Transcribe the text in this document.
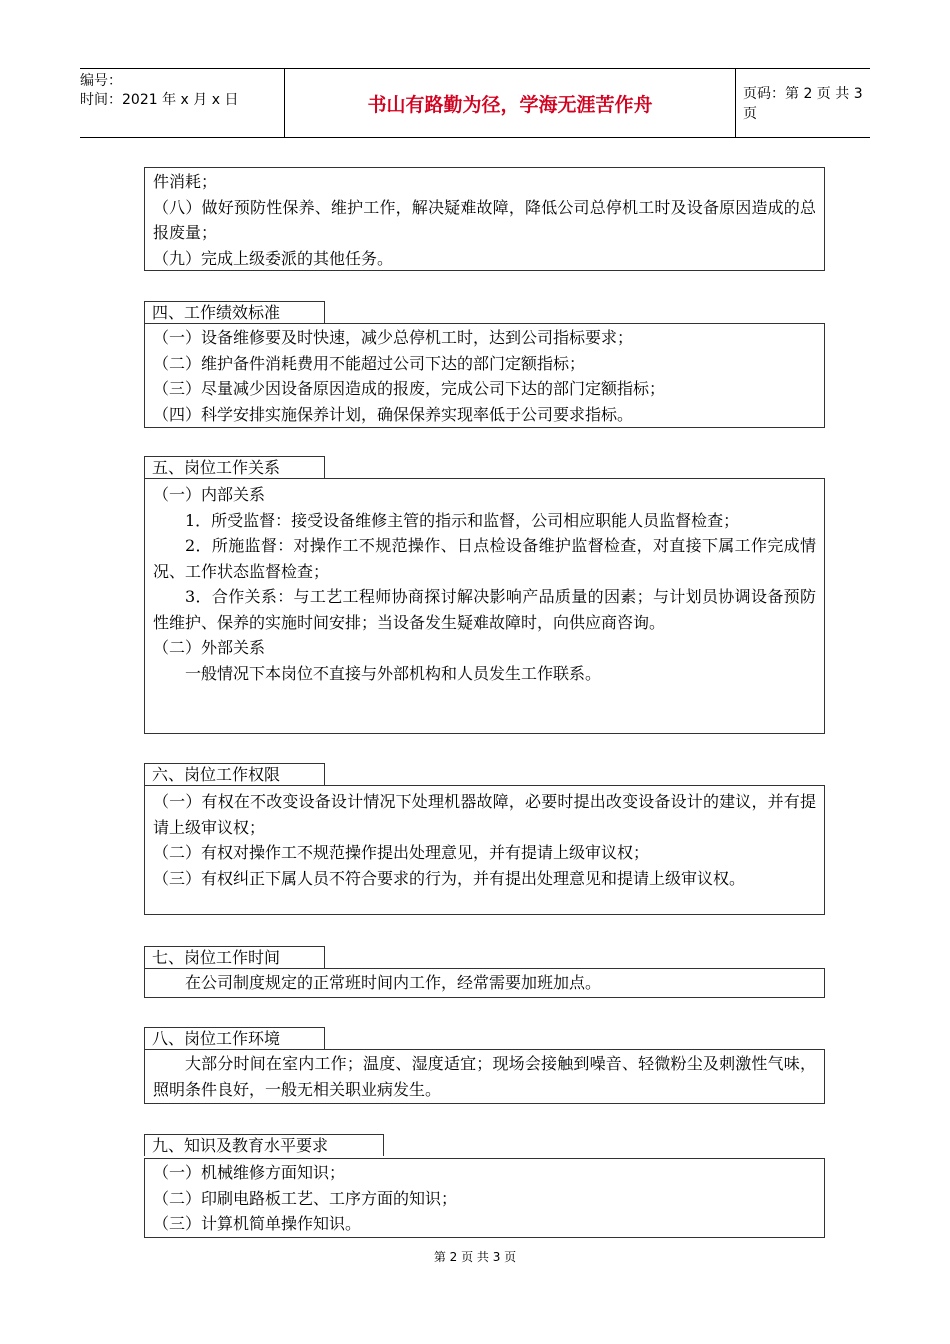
编号：
时间：2021 年 x 月 x 日	书山有路勤为径，学海无涯苦作舟	页码：第 2 页 共 3 页

件消耗；

（八）做好预防性保养、维护工作，解决疑难故障，降低公司总停机工时及设备原因造成的总报废量；

（九）完成上级委派的其他任务。

四、工作绩效标准

（一）设备维修要及时快速，减少总停机工时，达到公司指标要求；

（二）维护备件消耗费用不能超过公司下达的部门定额指标；

（三）尽量减少因设备原因造成的报废，完成公司下达的部门定额指标；

（四）科学安排实施保养计划，确保保养实现率低于公司要求指标。

五、岗位工作关系

（一）内部关系

1．所受监督：接受设备维修主管的指示和监督，公司相应职能人员监督检查；

2．所施监督：对操作工不规范操作、日点检设备维护监督检查，对直接下属工作完成情况、工作状态监督检查；

3．合作关系：与工艺工程师协商探讨解决影响产品质量的因素；与计划员协调设备预防性维护、保养的实施时间安排；当设备发生疑难故障时，向供应商咨询。

（二）外部关系

一般情况下本岗位不直接与外部机构和人员发生工作联系。

六、岗位工作权限

（一）有权在不改变设备设计情况下处理机器故障，必要时提出改变设备设计的建议，并有提请上级审议权；

（二）有权对操作工不规范操作提出处理意见，并有提请上级审议权；

（三）有权纠正下属人员不符合要求的行为，并有提出处理意见和提请上级审议权。

七、岗位工作时间

在公司制度规定的正常班时间内工作，经常需要加班加点。

八、岗位工作环境

大部分时间在室内工作；温度、湿度适宜；现场会接触到噪音、轻微粉尘及刺激性气味，照明条件良好，一般无相关职业病发生。

九、知识及教育水平要求

（一）机械维修方面知识；

（二）印刷电路板工艺、工序方面的知识；

（三）计算机简单操作知识。

第 2 页 共 3 页
